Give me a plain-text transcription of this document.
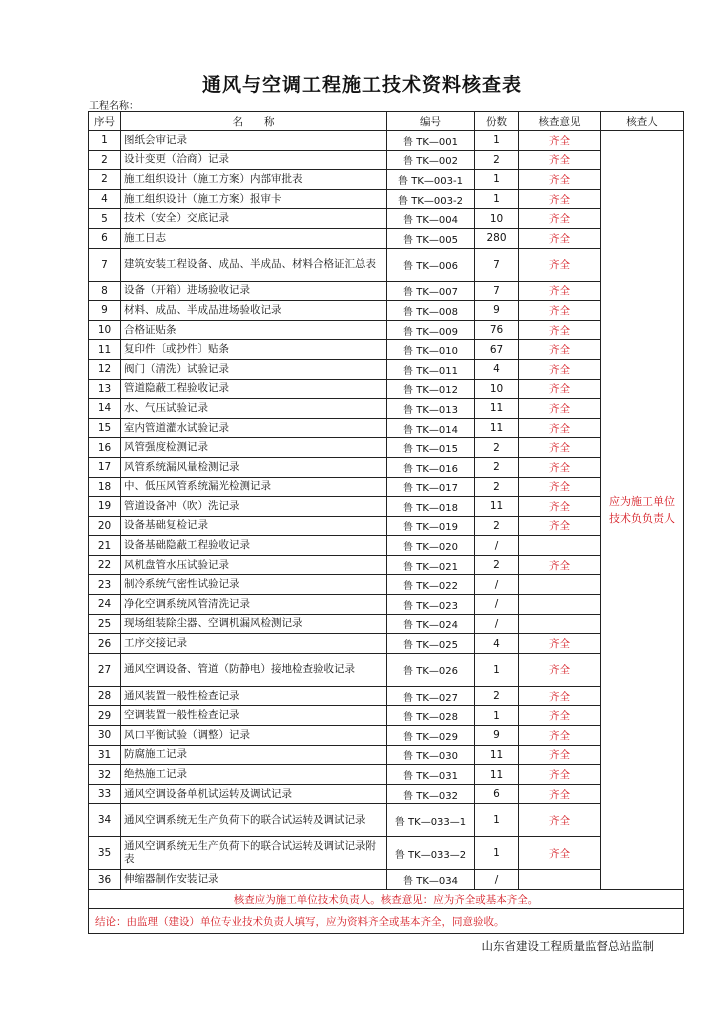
通风与空调工程施工技术资料核查表
工程名称：
序号	名　　称	编号	份数	核查意见	核查人
1	图纸会审记录	鲁 TK—001	1	齐全	应为施工单位技术负负责人
2	设计变更（洽商）记录	鲁 TK—002	2	齐全	
2	施工组织设计（施工方案）内部审批表	鲁 TK—003-1	1	齐全	
4	施工组织设计（施工方案）报审卡	鲁 TK—003-2	1	齐全	
5	技术（安全）交底记录	鲁 TK—004	10	齐全	
6	施工日志	鲁 TK—005	280	齐全	
7	建筑安装工程设备、成品、半成品、材料合格证汇总表	鲁 TK—006	7	齐全	
8	设备（开箱）进场验收记录	鲁 TK—007	7	齐全	
9	材料、成品、半成品进场验收记录	鲁 TK—008	9	齐全	
10	合格证贴条	鲁 TK—009	76	齐全	
11	复印件〔或抄件〕贴条	鲁 TK—010	67	齐全	
12	阀门（清洗）试验记录	鲁 TK—011	4	齐全	
13	管道隐蔽工程验收记录	鲁 TK—012	10	齐全	
14	水、气压试验记录	鲁 TK—013	11	齐全	
15	室内管道灌水试验记录	鲁 TK—014	11	齐全	
16	风管强度检测记录	鲁 TK—015	2	齐全	
17	风管系统漏风量检测记录	鲁 TK—016	2	齐全	
18	中、低压风管系统漏光检测记录	鲁 TK—017	2	齐全	
19	管道设备冲（吹）洗记录	鲁 TK—018	11	齐全	
20	设备基础复检记录	鲁 TK—019	2	齐全	
21	设备基础隐蔽工程验收记录	鲁 TK—020	/		
22	风机盘管水压试验记录	鲁 TK—021	2	齐全	
23	制冷系统气密性试验记录	鲁 TK—022	/		
24	净化空调系统风管清洗记录	鲁 TK—023	/		
25	现场组装除尘器、空调机漏风检测记录	鲁 TK—024	/		
26	工序交接记录	鲁 TK—025	4	齐全	
27	通风空调设备、管道（防静电）接地检查验收记录	鲁 TK—026	1	齐全	
28	通风装置一般性检查记录	鲁 TK—027	2	齐全	
29	空调装置一般性检查记录	鲁 TK—028	1	齐全	
30	风口平衡试验（调整）记录	鲁 TK—029	9	齐全	
31	防腐施工记录	鲁 TK—030	11	齐全	
32	绝热施工记录	鲁 TK—031	11	齐全	
33	通风空调设备单机试运转及调试记录	鲁 TK—032	6	齐全	
34	通风空调系统无生产负荷下的联合试运转及调试记录	鲁 TK—033—1	1	齐全	
35	通风空调系统无生产负荷下的联合试运转及调试记录附表	鲁 TK—033—2	1	齐全	
36	伸缩器制作安装记录	鲁 TK—034	/		
核查应为施工单位技术负责人。核查意见：应为齐全或基本齐全。					
结论：由监理（建设）单位专业技术负责人填写，应为资料齐全或基本齐全，同意验收。					
山东省建设工程质量监督总站监制
